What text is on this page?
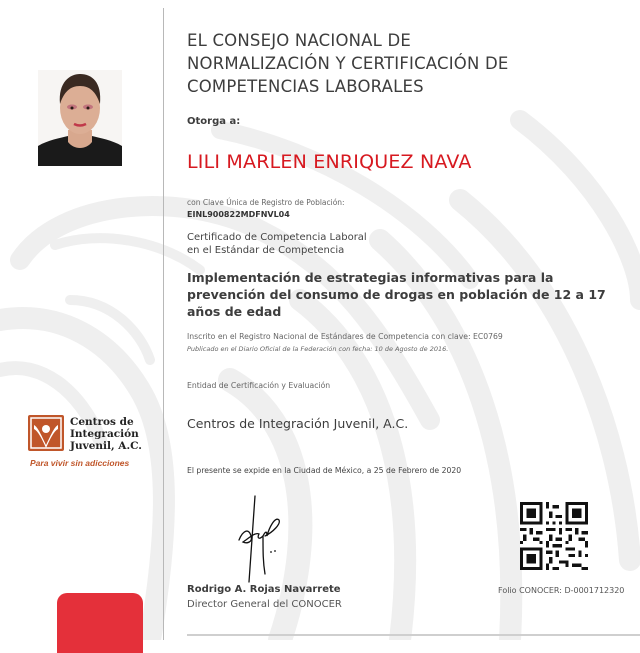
Centros de
Integración
Juvenil, A.C.
Para vivir sin adicciones
EL CONSEJO NACIONAL DE
NORMALIZACIÓN Y CERTIFICACIÓN DE
COMPETENCIAS LABORALES
Otorga a:
LILI MARLEN ENRIQUEZ NAVA
con Clave Única de Registro de Población:
EINL900822MDFNVL04
Certificado de Competencia Laboral
en el Estándar de Competencia
Implementación de estrategias informativas para la prevención del consumo de drogas en población de 12 a 17 años de edad
Inscrito en el Registro Nacional de Estándares de Competencia con clave: EC0769
Publicado en el Diario Oficial de la Federación con fecha: 10 de Agosto de 2016.
Entidad de Certificación y Evaluación
Centros de Integración Juvenil, A.C.
El presente se expide en la Ciudad de México, a 25 de Febrero de 2020
Rodrigo A. Rojas Navarrete
Director General del CONOCER
Folio CONOCER: D-0001712320
